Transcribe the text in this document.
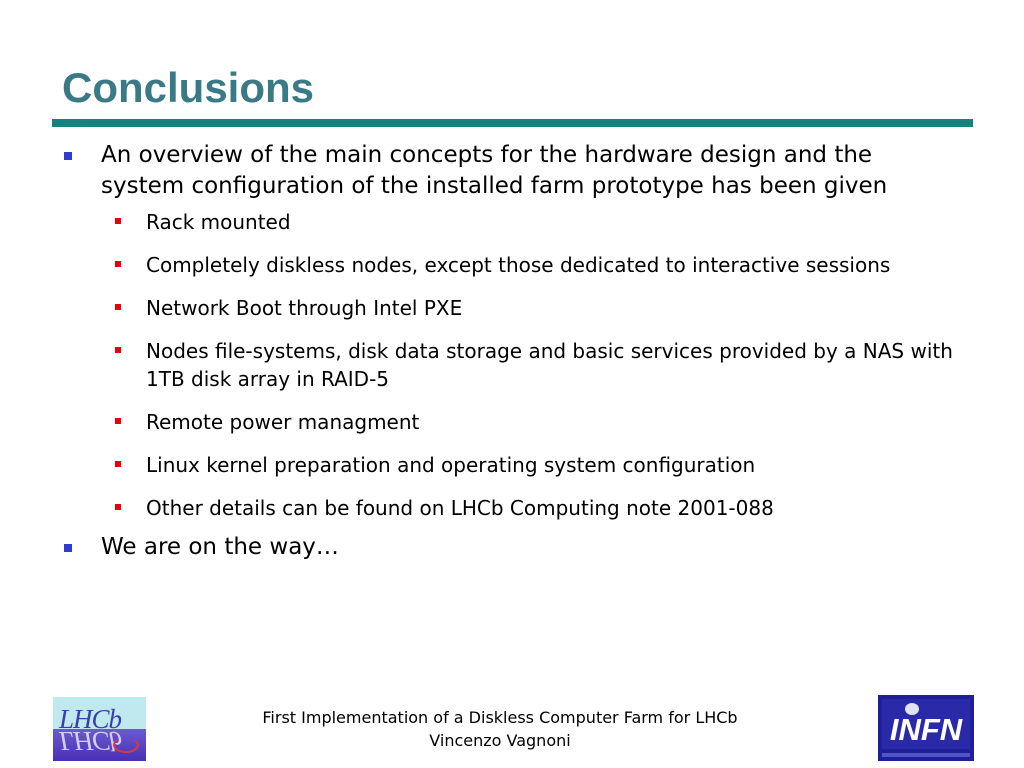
Conclusions
An overview of the main concepts for the hardware design and the system configuration of the installed farm prototype has been given
Rack mounted
Completely diskless nodes, except those dedicated to interactive sessions
Network Boot through Intel PXE
Nodes file-systems, disk data storage and basic services provided by a NAS with 1TB disk array in RAID-5
Remote power managment
Linux kernel preparation and operating system configuration
Other details can be found on LHCb Computing note 2001-088
We are on the way…
LHCb
LHCb
First Implementation of a Diskless Computer Farm for LHCb
Vincenzo Vagnoni	INFN
